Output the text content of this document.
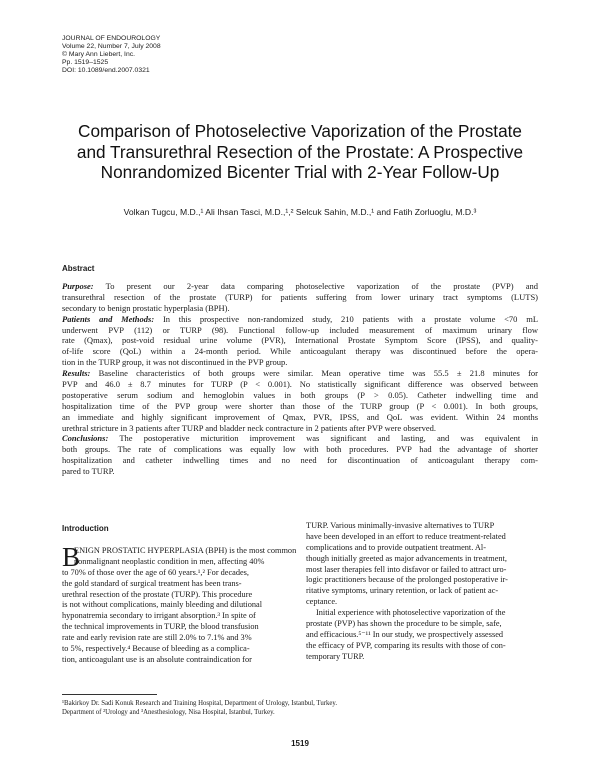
JOURNAL OF ENDOUROLOGY
Volume 22, Number 7, July 2008
© Mary Ann Liebert, Inc.
Pp. 1519–1525
DOI: 10.1089/end.2007.0321
Comparison of Photoselective Vaporization of the Prostate
and Transurethral Resection of the Prostate: A Prospective
Nonrandomized Bicenter Trial with 2-Year Follow-Up
Volkan Tugcu, M.D.,¹ Ali Ihsan Tasci, M.D.,¹,² Selcuk Sahin, M.D.,¹ and Fatih Zorluoglu, M.D.³
Abstract
Purpose: To present our 2-year data comparing photoselective vaporization of the prostate (PVP) and
transurethral resection of the prostate (TURP) for patients suffering from lower urinary tract symptoms (LUTS)
secondary to benign prostatic hyperplasia (BPH).
Patients and Methods: In this prospective non-randomized study, 210 patients with a prostate volume <70 mL
underwent PVP (112) or TURP (98). Functional follow-up included measurement of maximum urinary flow
rate (Qmax), post-void residual urine volume (PVR), International Prostate Symptom Score (IPSS), and quality-
of-life score (QoL) within a 24-month period. While anticoagulant therapy was discontinued before the opera-
tion in the TURP group, it was not discontinued in the PVP group.
Results: Baseline characteristics of both groups were similar. Mean operative time was 55.5 ± 21.8 minutes for
PVP and 46.0 ± 8.7 minutes for TURP (P < 0.001). No statistically significant difference was observed between
postoperative serum sodium and hemoglobin values in both groups (P > 0.05). Catheter indwelling time and
hospitalization time of the PVP group were shorter than those of the TURP group (P < 0.001). In both groups,
an immediate and highly significant improvement of Qmax, PVR, IPSS, and QoL was evident. Within 24 months
urethral stricture in 3 patients after TURP and bladder neck contracture in 2 patients after PVP were observed.
Conclusions: The postoperative micturition improvement was significant and lasting, and was equivalent in
both groups. The rate of complications was equally low with both procedures. PVP had the advantage of shorter
hospitalization and catheter indwelling times and no need for discontinuation of anticoagulant therapy com-
pared to TURP.
Introduction
B
ENIGN PROSTATIC HYPERPLASIA (BPH) is the most common
nonmalignant neoplastic condition in men, affecting 40%
to 70% of those over the age of 60 years.¹,² For decades,
the gold standard of surgical treatment has been trans-
urethral resection of the prostate (TURP). This procedure
is not without complications, mainly bleeding and dilutional
hyponatremia secondary to irrigant absorption.³ In spite of
the technical improvements in TURP, the blood transfusion
rate and early revision rate are still 2.0% to 7.1% and 3%
to 5%, respectively.⁴ Because of bleeding as a complica-
tion, anticoagulant use is an absolute contraindication for
TURP. Various minimally-invasive alternatives to TURP
have been developed in an effort to reduce treatment-related
complications and to provide outpatient treatment. Al-
though initially greeted as major advancements in treatment,
most laser therapies fell into disfavor or failed to attract uro-
logic practitioners because of the prolonged postoperative ir-
ritative symptoms, urinary retention, or lack of patient ac-
ceptance.
Initial experience with photoselective vaporization of the
prostate (PVP) has shown the procedure to be simple, safe,
and efficacious.⁵⁻¹¹ In our study, we prospectively assessed
the efficacy of PVP, comparing its results with those of con-
temporary TURP.
¹Bakirkoy Dr. Sadi Konuk Research and Training Hospital, Department of Urology, Istanbul, Turkey.
Department of ²Urology and ³Anesthesiology, Nisa Hospital, Istanbul, Turkey.
1519
